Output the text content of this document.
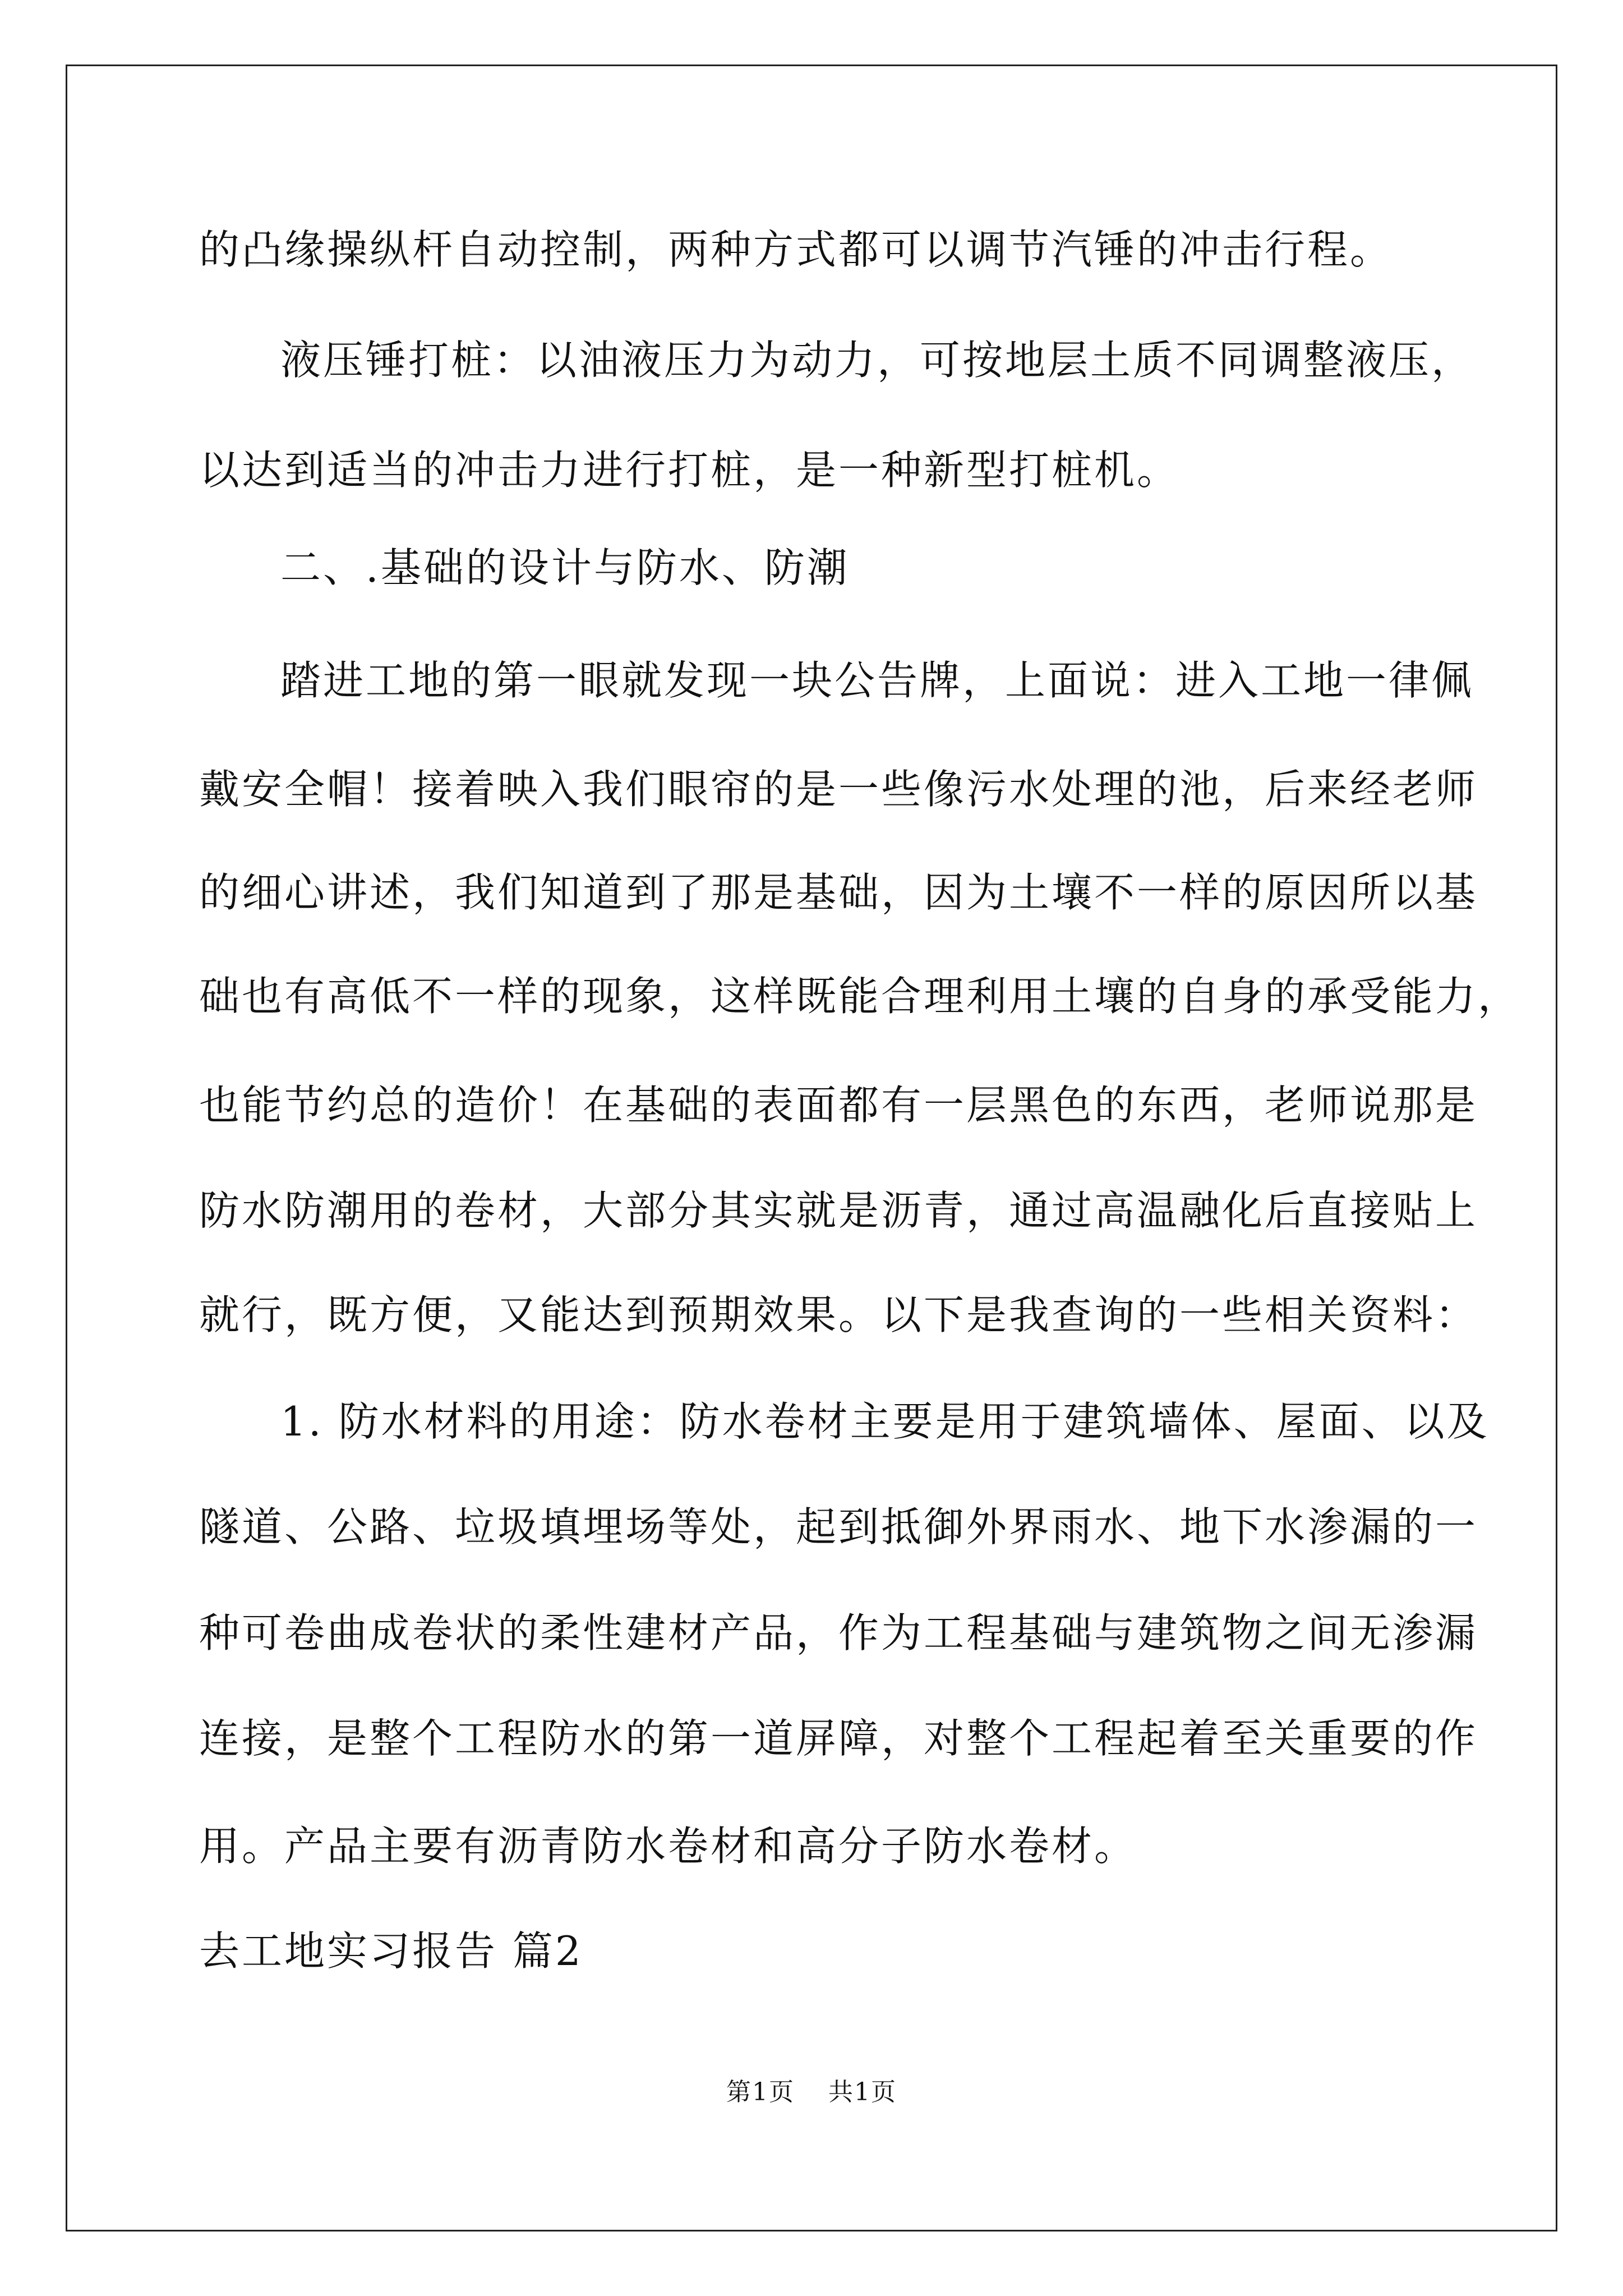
的凸缘操纵杆自动控制，两种方式都可以调节汽锤的冲击行程。
液压锤打桩：以油液压力为动力，可按地层土质不同调整液压，
以达到适当的冲击力进行打桩，是一种新型打桩机。
二、.基础的设计与防水、防潮
踏进工地的第一眼就发现一块公告牌，上面说：进入工地一律佩
戴安全帽！接着映入我们眼帘的是一些像污水处理的池，后来经老师
的细心讲述，我们知道到了那是基础，因为土壤不一样的原因所以基
础也有高低不一样的现象，这样既能合理利用土壤的自身的承受能力，
也能节约总的造价！在基础的表面都有一层黑色的东西，老师说那是
防水防潮用的卷材，大部分其实就是沥青，通过高温融化后直接贴上
就行，既方便，又能达到预期效果。以下是我查询的一些相关资料：
1. 防水材料的用途：防水卷材主要是用于建筑墙体、屋面、以及
隧道、公路、垃圾填埋场等处，起到抵御外界雨水、地下水渗漏的一
种可卷曲成卷状的柔性建材产品，作为工程基础与建筑物之间无渗漏
连接，是整个工程防水的第一道屏障，对整个工程起着至关重要的作
用。产品主要有沥青防水卷材和高分子防水卷材。
去工地实习报告 篇2
第1页 共1页
